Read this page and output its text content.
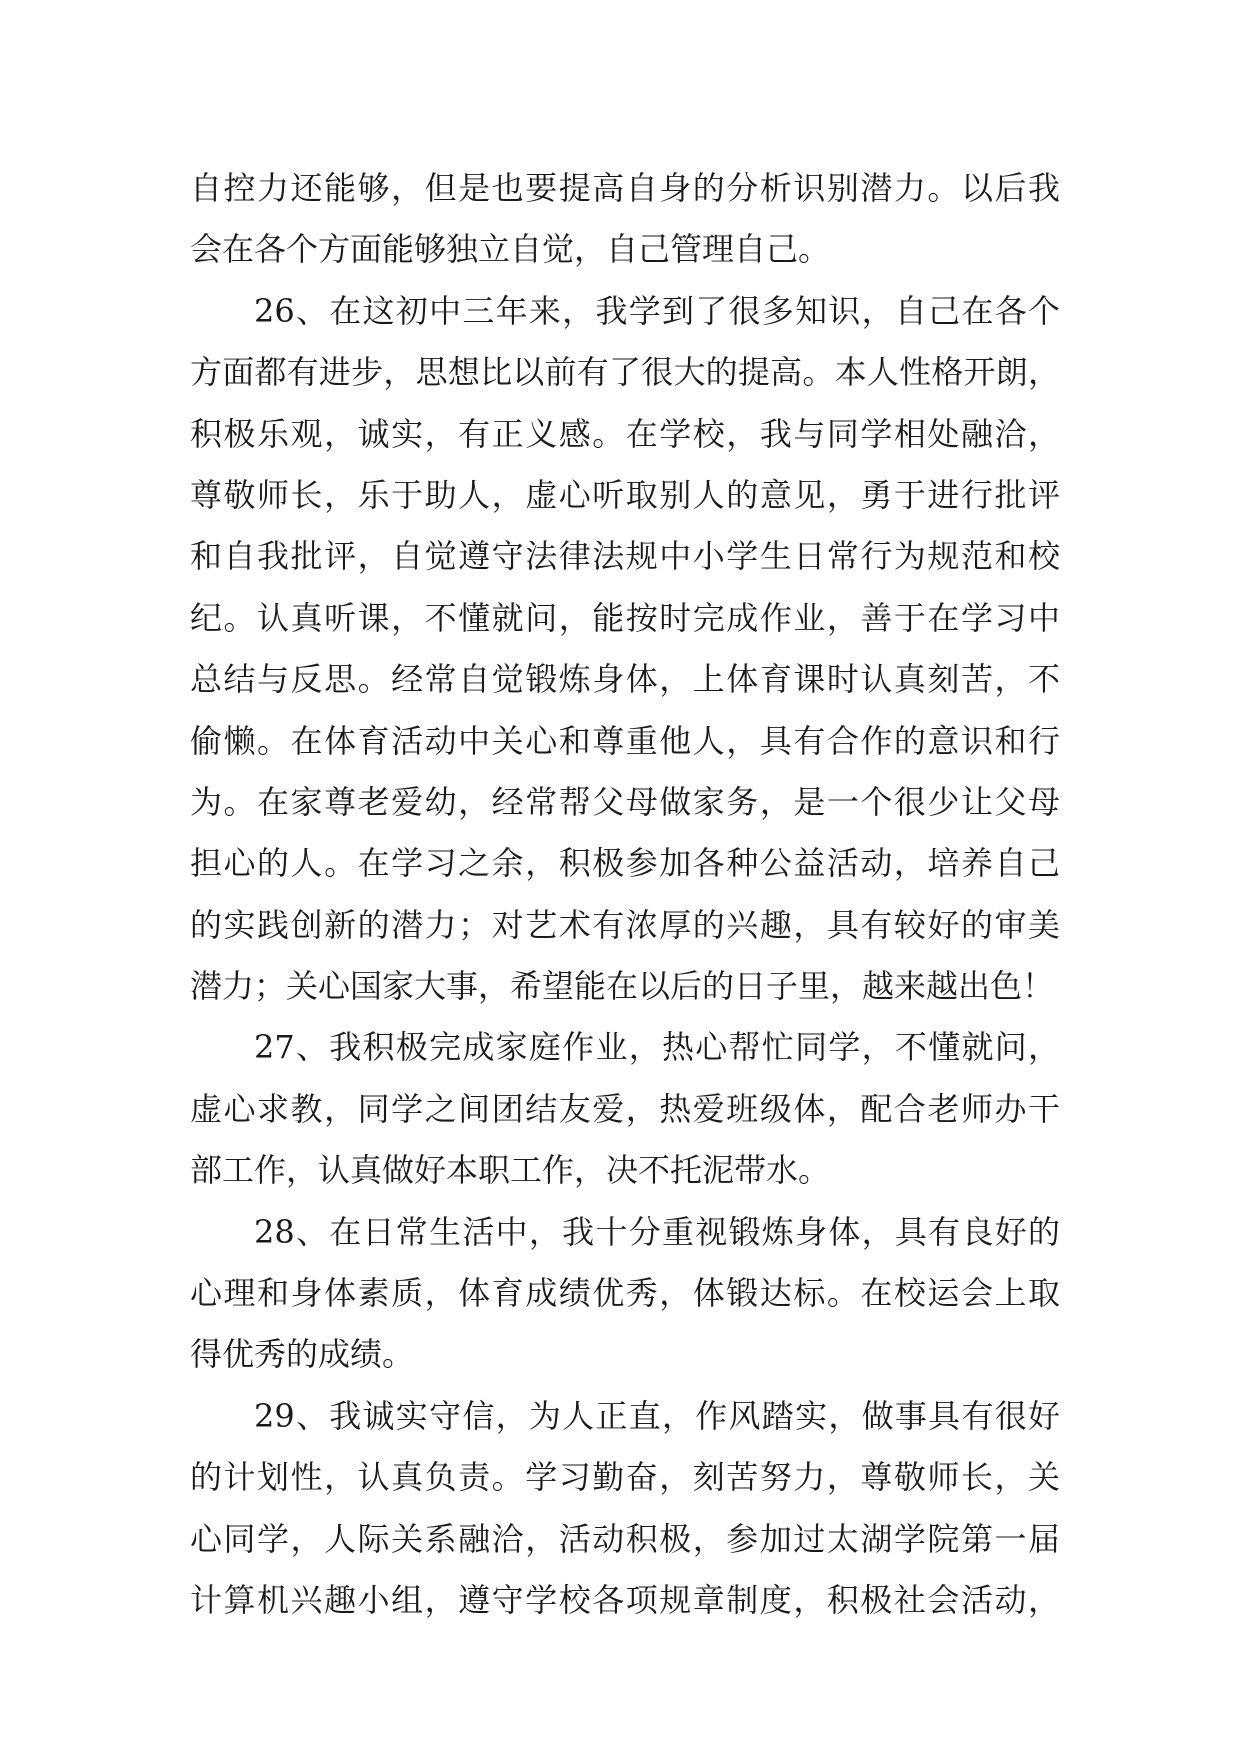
自控力还能够，但是也要提高自身的分析识别潜力。以后我
会在各个方面能够独立自觉，自己管理自己。
26、在这初中三年来，我学到了很多知识，自己在各个
方面都有进步，思想比以前有了很大的提高。本人性格开朗，
积极乐观，诚实，有正义感。在学校，我与同学相处融洽，
尊敬师长，乐于助人，虚心听取别人的意见，勇于进行批评
和自我批评，自觉遵守法律法规中小学生日常行为规范和校
纪。认真听课，不懂就问，能按时完成作业，善于在学习中
总结与反思。经常自觉锻炼身体，上体育课时认真刻苦，不
偷懒。在体育活动中关心和尊重他人，具有合作的意识和行
为。在家尊老爱幼，经常帮父母做家务，是一个很少让父母
担心的人。在学习之余，积极参加各种公益活动，培养自己
的实践创新的潜力；对艺术有浓厚的兴趣，具有较好的审美
潜力；关心国家大事，希望能在以后的日子里，越来越出色！
27、我积极完成家庭作业，热心帮忙同学，不懂就问，
虚心求教，同学之间团结友爱，热爱班级体，配合老师办干
部工作，认真做好本职工作，决不托泥带水。
28、在日常生活中，我十分重视锻炼身体，具有良好的
心理和身体素质，体育成绩优秀，体锻达标。在校运会上取
得优秀的成绩。
29、我诚实守信，为人正直，作风踏实，做事具有很好
的计划性，认真负责。学习勤奋，刻苦努力，尊敬师长，关
心同学，人际关系融洽，活动积极，参加过太湖学院第一届
计算机兴趣小组，遵守学校各项规章制度，积极社会活动，
